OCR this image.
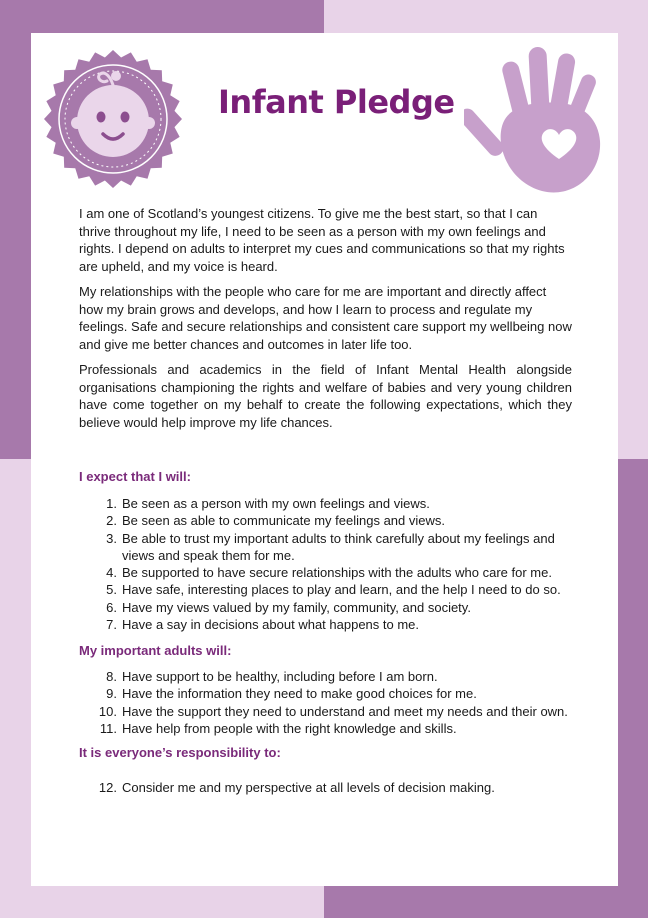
Infant Pledge

I am one of Scotland’s youngest citizens. To give me the best start, so that I can thrive throughout my life, I need to be seen as a person with my own feelings and rights. I depend on adults to interpret my cues and communications so that my rights are upheld, and my voice is heard.

My relationships with the people who care for me are important and directly affect how my brain grows and develops, and how I learn to process and regulate my feelings. Safe and secure relationships and consistent care support my wellbeing now and give me better chances and outcomes in later life too.

Professionals and academics in the field of Infant Mental Health alongside organisations championing the rights and welfare of babies and very young children have come together on my behalf to create the following expectations, which they believe would help improve my life chances.

I expect that I will:
1. Be seen as a person with my own feelings and views.
2. Be seen as able to communicate my feelings and views.
3. Be able to trust my important adults to think carefully about my feelings and views and speak them for me.
4. Be supported to have secure relationships with the adults who care for me.
5. Have safe, interesting places to play and learn, and the help I need to do so.
6. Have my views valued by my family, community, and society.
7. Have a say in decisions about what happens to me.
My important adults will:
8. Have support to be healthy, including before I am born.
9. Have the information they need to make good choices for me.
10. Have the support they need to understand and meet my needs and their own.
11. Have help from people with the right knowledge and skills.
It is everyone’s responsibility to:
12. Consider me and my perspective at all levels of decision making.
